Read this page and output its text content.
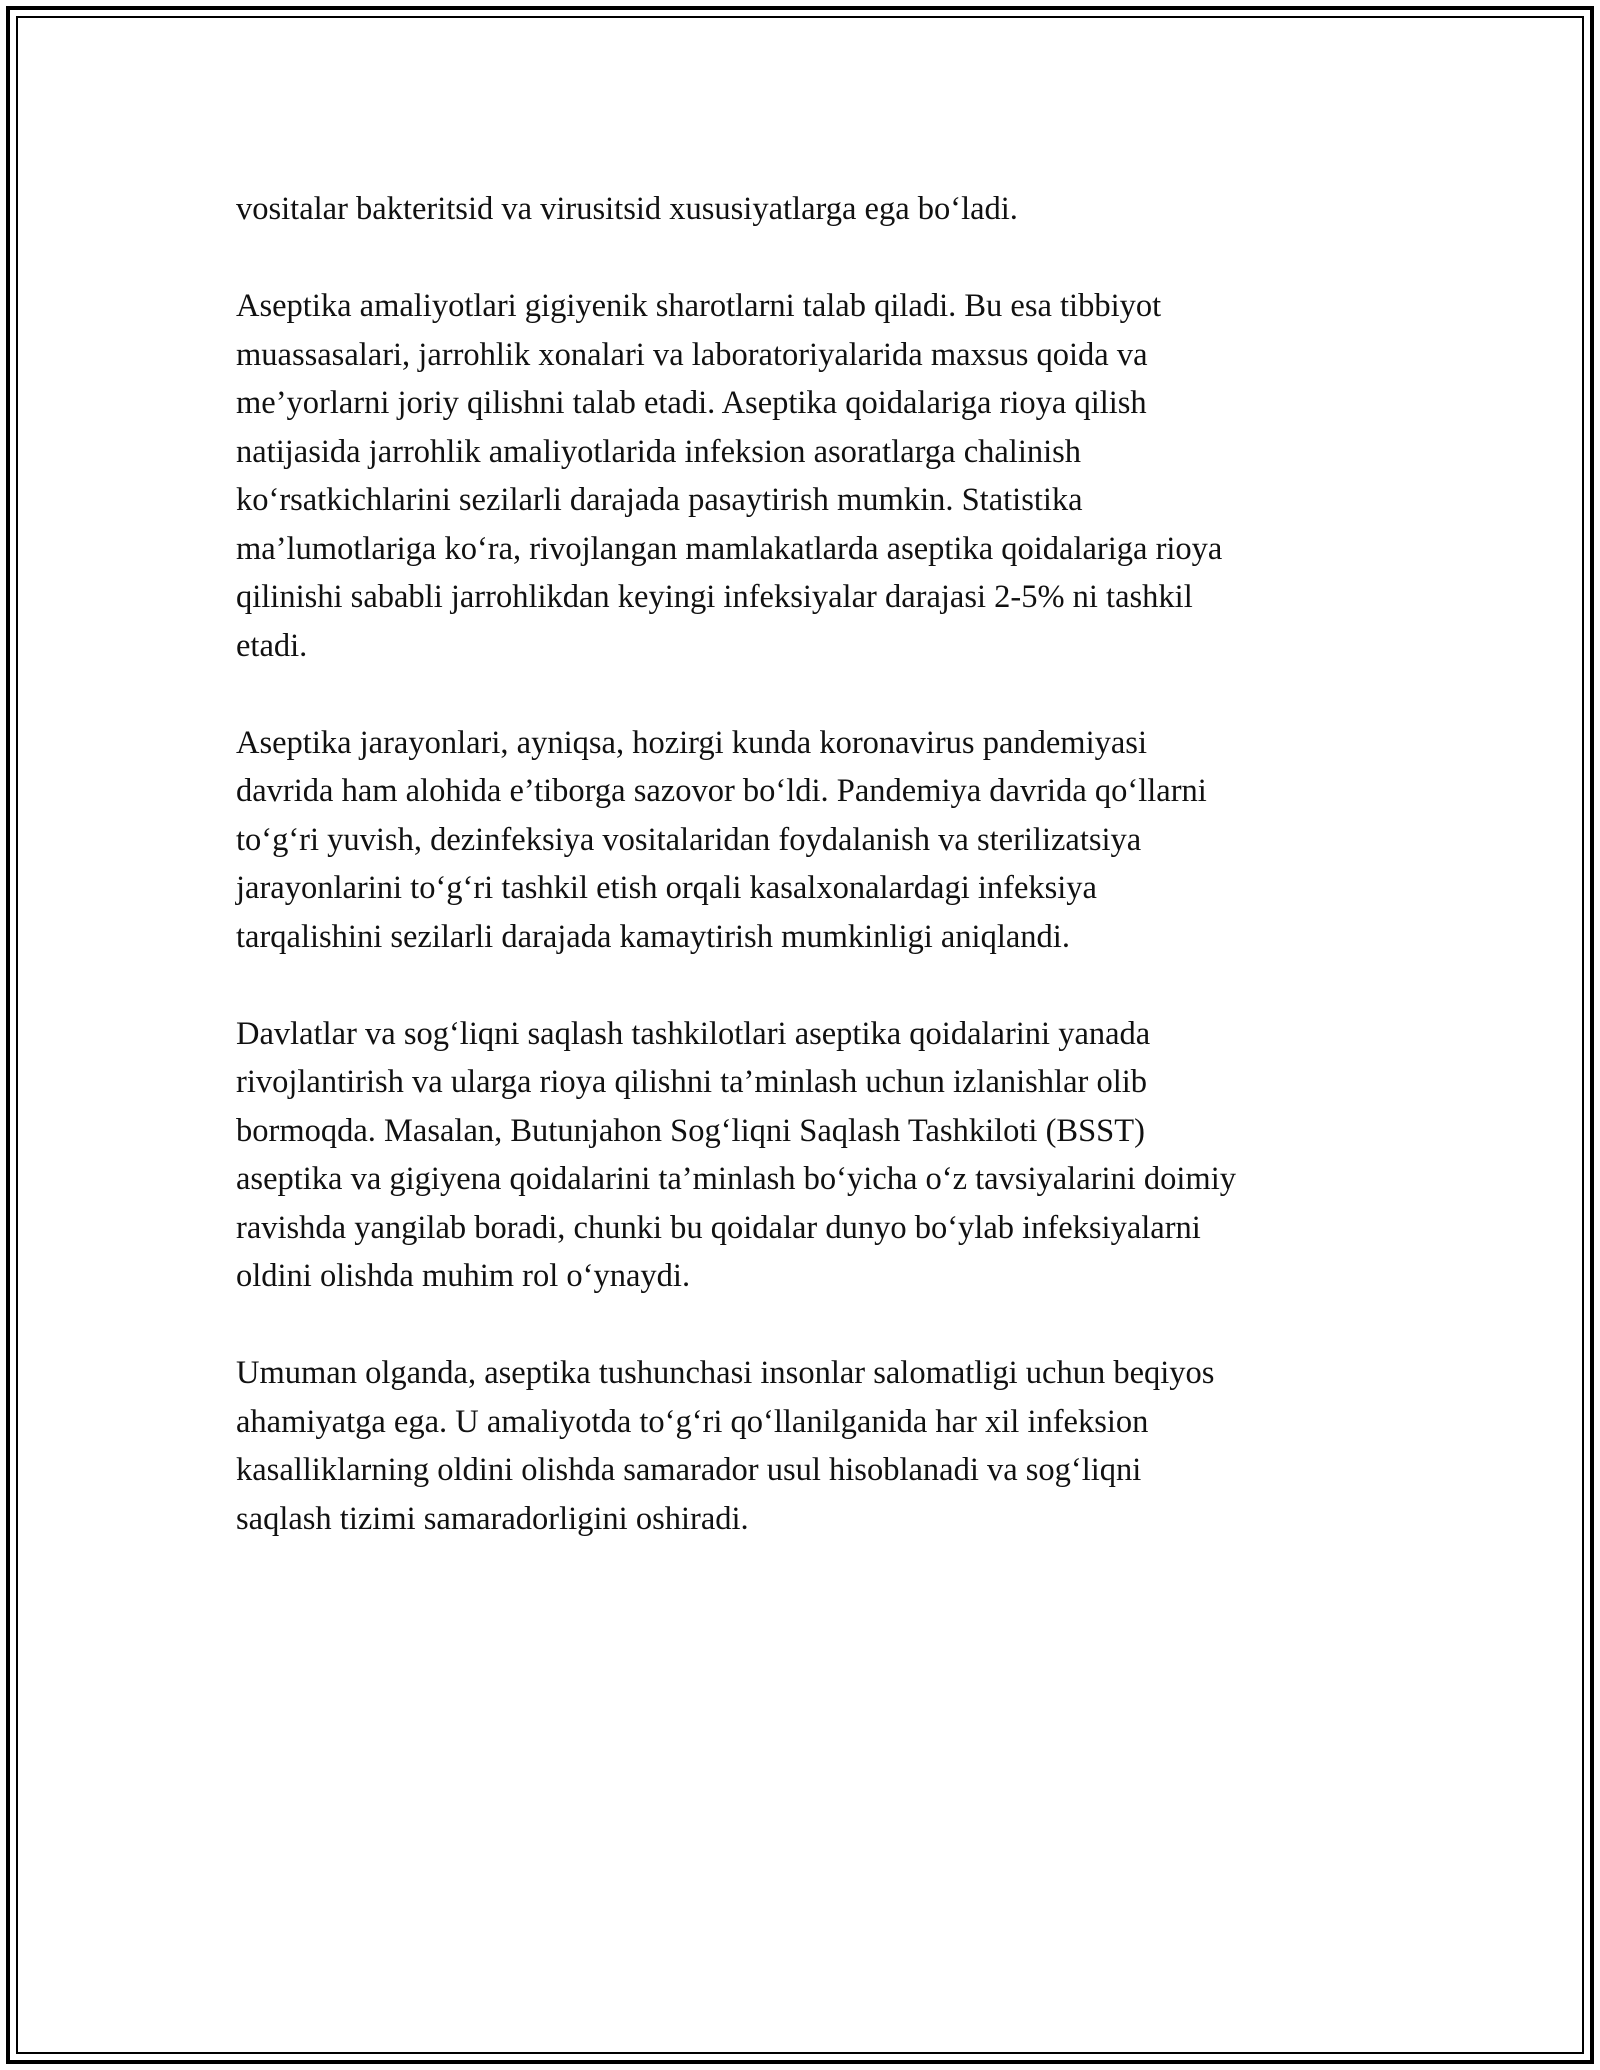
vositalar bakteritsid va virusitsid xususiyatlarga ega bo‘ladi.

Aseptika amaliyotlari gigiyenik sharotlarni talab qiladi. Bu esa tibbiyot
muassasalari, jarrohlik xonalari va laboratoriyalarida maxsus qoida va
me’yorlarni joriy qilishni talab etadi. Aseptika qoidalariga rioya qilish
natijasida jarrohlik amaliyotlarida infeksion asoratlarga chalinish
ko‘rsatkichlarini sezilarli darajada pasaytirish mumkin. Statistika
ma’lumotlariga ko‘ra, rivojlangan mamlakatlarda aseptika qoidalariga rioya
qilinishi sababli jarrohlikdan keyingi infeksiyalar darajasi 2-5% ni tashkil
etadi.

Aseptika jarayonlari, ayniqsa, hozirgi kunda koronavirus pandemiyasi
davrida ham alohida e’tiborga sazovor bo‘ldi. Pandemiya davrida qo‘llarni
to‘g‘ri yuvish, dezinfeksiya vositalaridan foydalanish va sterilizatsiya
jarayonlarini to‘g‘ri tashkil etish orqali kasalxonalardagi infeksiya
tarqalishini sezilarli darajada kamaytirish mumkinligi aniqlandi.

Davlatlar va sog‘liqni saqlash tashkilotlari aseptika qoidalarini yanada
rivojlantirish va ularga rioya qilishni ta’minlash uchun izlanishlar olib
bormoqda. Masalan, Butunjahon Sog‘liqni Saqlash Tashkiloti (BSST)
aseptika va gigiyena qoidalarini ta’minlash bo‘yicha o‘z tavsiyalarini doimiy
ravishda yangilab boradi, chunki bu qoidalar dunyo bo‘ylab infeksiyalarni
oldini olishda muhim rol o‘ynaydi.

Umuman olganda, aseptika tushunchasi insonlar salomatligi uchun beqiyos
ahamiyatga ega. U amaliyotda to‘g‘ri qo‘llanilganida har xil infeksion
kasalliklarning oldini olishda samarador usul hisoblanadi va sog‘liqni
saqlash tizimi samaradorligini oshiradi.
